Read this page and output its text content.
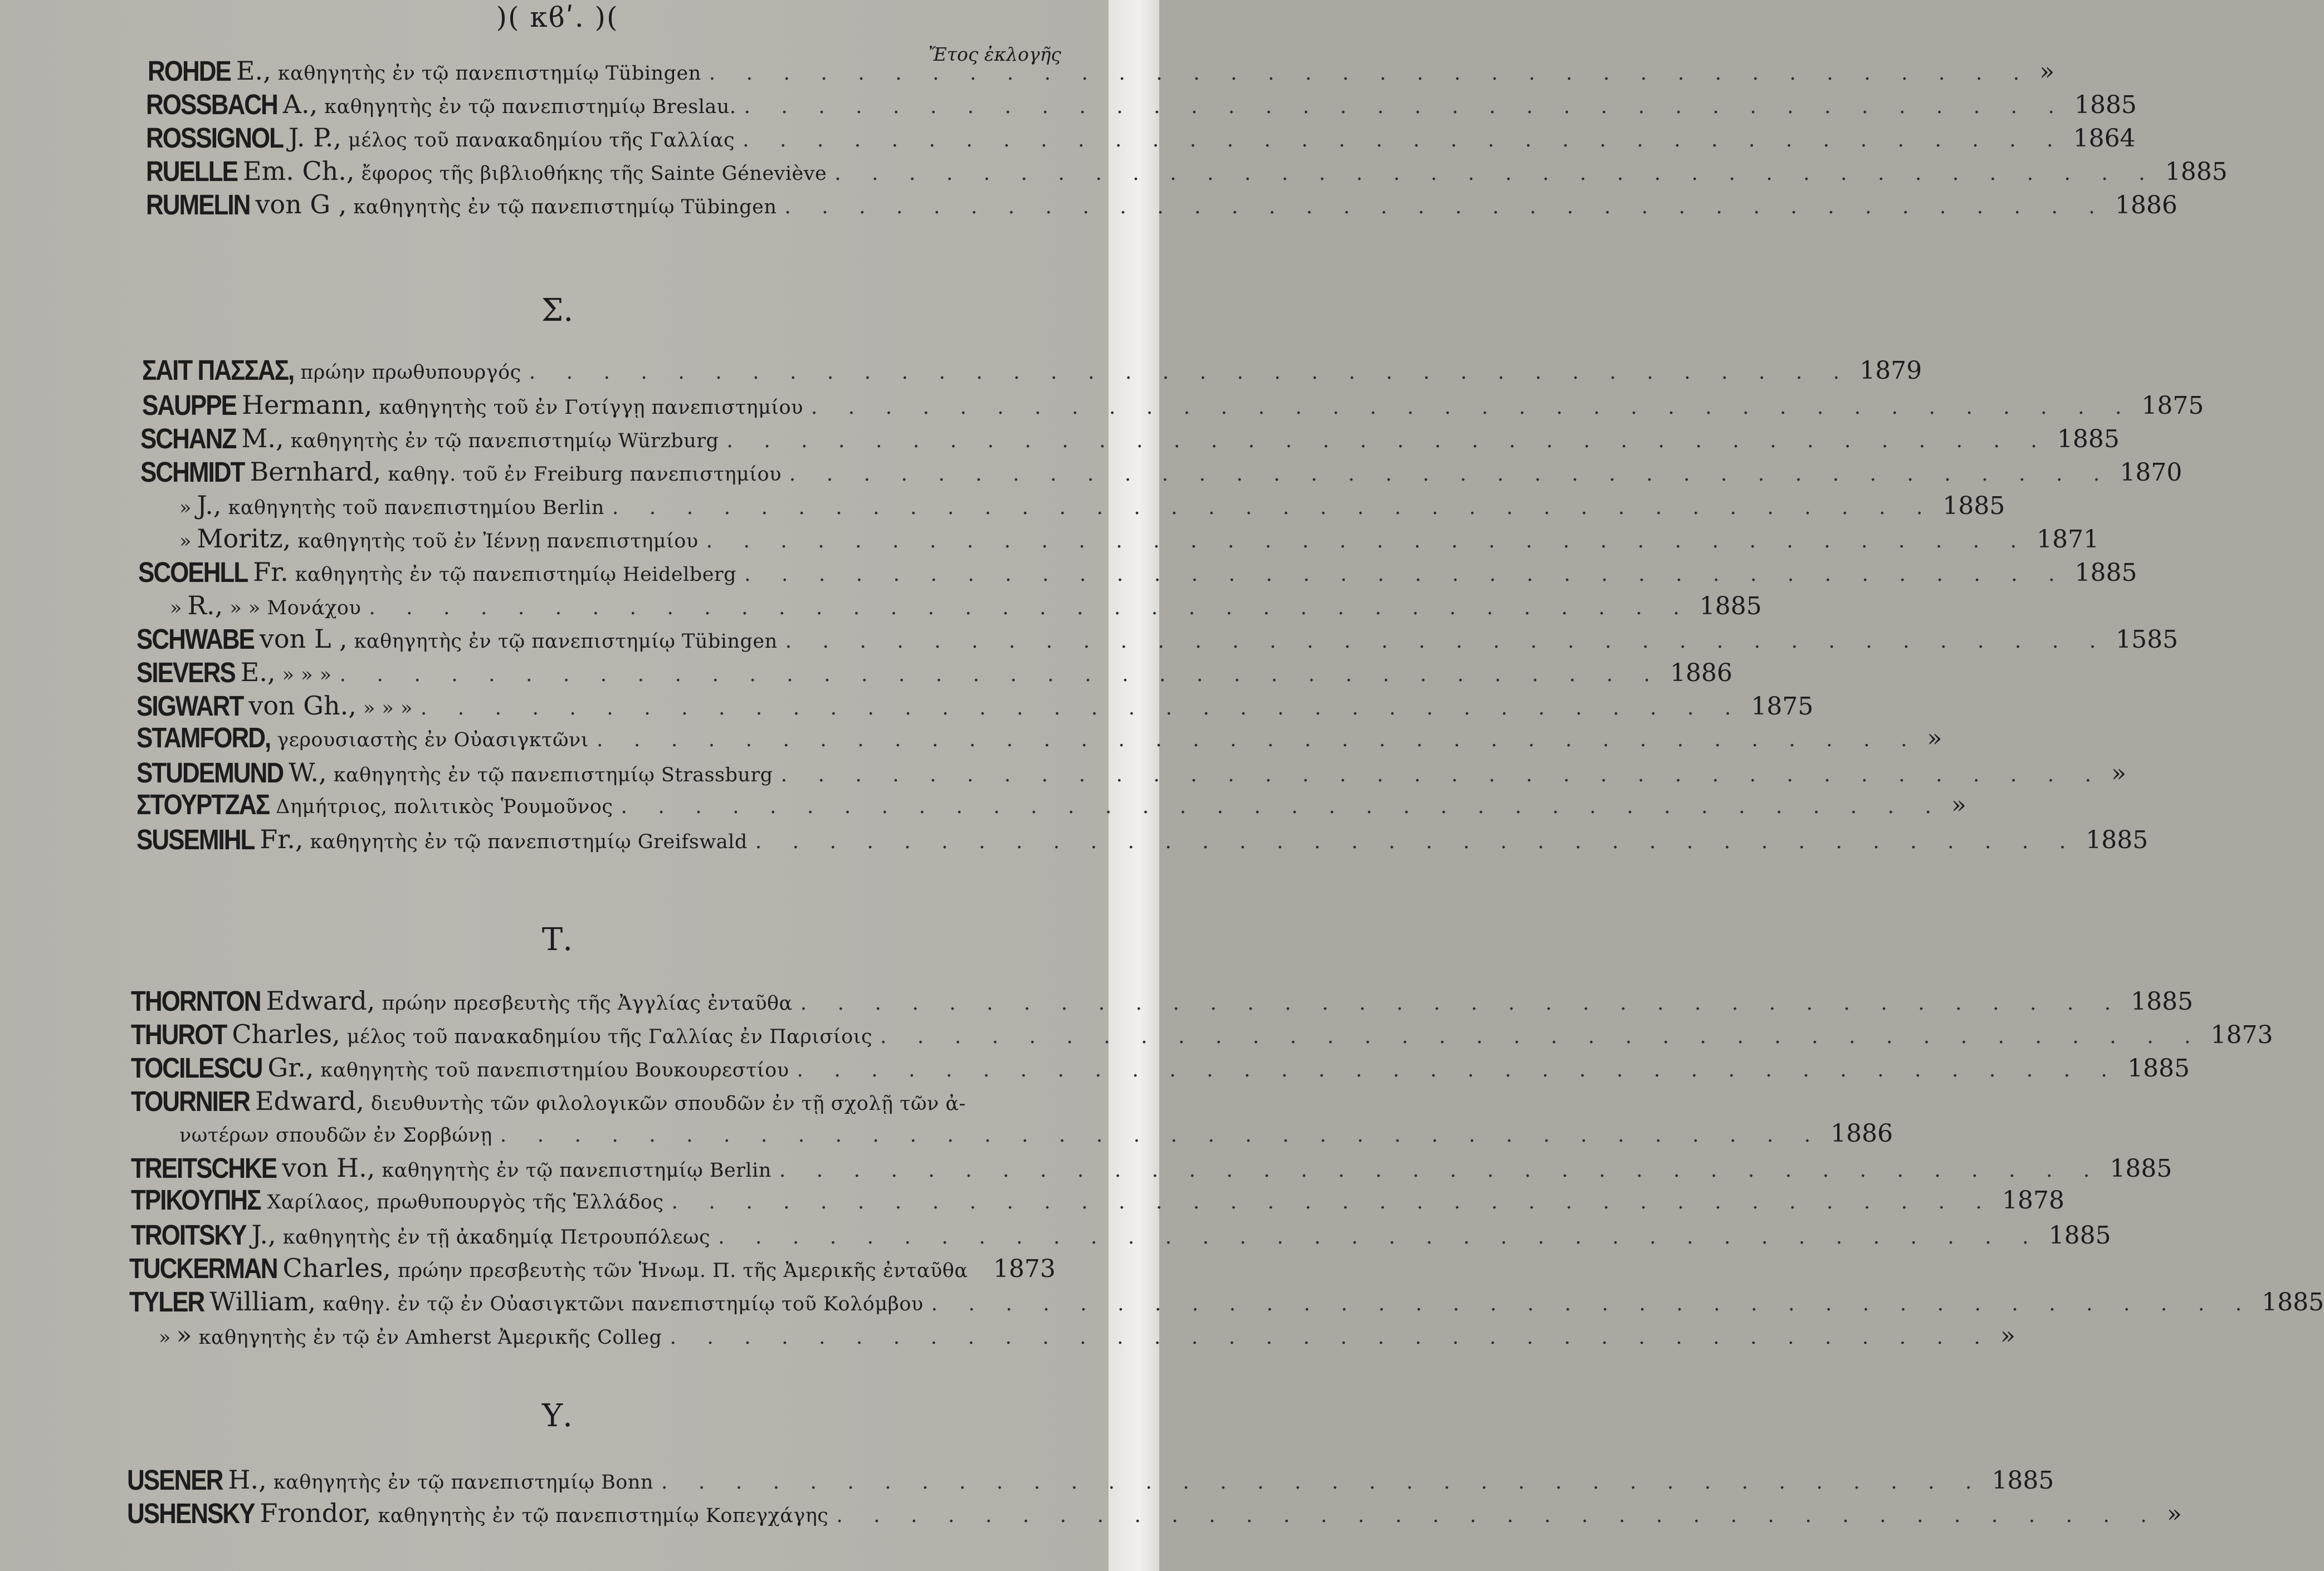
)( κϐʹ. )(
Ἔτος ἐκλογῆς
Σ.
Τ.
Υ.
ROHDE E., καθηγητὴς ἐν τῷ πανεπιστημίῳ Tübingen . . . . . . . . . . . . . . . . . . . . . . . . . . . . . . . . . . . . »
ROSSBACH A., καθηγητὴς ἐν τῷ πανεπιστημίῳ Breslau. . . . . . . . . . . . . . . . . . . . . . . . . . . . . . . . . . . . . 1885
ROSSIGNOL J. P., μέλος τοῦ πανακαδημίου τῆς Γαλλίας . . . . . . . . . . . . . . . . . . . . . . . . . . . . . . . . . . . . 1864
RUELLE Em. Ch., ἔφορος τῆς βιβλιοθήκης τῆς Sainte Géneviève . . . . . . . . . . . . . . . . . . . . . . . . . . . . . . . . . . . . 1885
RUMELIN von G , καθηγητὴς ἐν τῷ πανεπιστημίῳ Tübingen . . . . . . . . . . . . . . . . . . . . . . . . . . . . . . . . . . . . 1886
ΣΑΙΤ ΠΑΣΣΑΣ, πρώην πρωθυπουργός . . . . . . . . . . . . . . . . . . . . . . . . . . . . . . . . . . . . 1879
SAUPPE Hermann, καθηγητὴς τοῦ ἐν Γοτίγγῃ πανεπιστημίου . . . . . . . . . . . . . . . . . . . . . . . . . . . . . . . . . . . . 1875
SCHANZ M., καθηγητὴς ἐν τῷ πανεπιστημίῳ Würzburg . . . . . . . . . . . . . . . . . . . . . . . . . . . . . . . . . . . . 1885
SCHMIDT Bernhard, καθηγ. τοῦ ἐν Freiburg πανεπιστημίου . . . . . . . . . . . . . . . . . . . . . . . . . . . . . . . . . . . . 1870
» J., καθηγητὴς τοῦ πανεπιστημίου Berlin . . . . . . . . . . . . . . . . . . . . . . . . . . . . . . . . . . . . 1885
» Moritz, καθηγητὴς τοῦ ἐν Ἰέννῃ πανεπιστημίου . . . . . . . . . . . . . . . . . . . . . . . . . . . . . . . . . . . . 1871
SCOEHLL Fr. καθηγητὴς ἐν τῷ πανεπιστημίῳ Heidelberg . . . . . . . . . . . . . . . . . . . . . . . . . . . . . . . . . . . . 1885
» R., » » Μονάχου . . . . . . . . . . . . . . . . . . . . . . . . . . . . . . . . . . . . 1885
SCHWABE von L , καθηγητὴς ἐν τῷ πανεπιστημίῳ Tübingen . . . . . . . . . . . . . . . . . . . . . . . . . . . . . . . . . . . . 1585
SIEVERS E., » » » . . . . . . . . . . . . . . . . . . . . . . . . . . . . . . . . . . . . 1886
SIGWART von Gh., » » » . . . . . . . . . . . . . . . . . . . . . . . . . . . . . . . . . . . . 1875
STAMFORD, γερουσιαστὴς ἐν Οὐασιγκτῶνι . . . . . . . . . . . . . . . . . . . . . . . . . . . . . . . . . . . . »
STUDEMUND W., καθηγητὴς ἐν τῷ πανεπιστημίῳ Strassburg . . . . . . . . . . . . . . . . . . . . . . . . . . . . . . . . . . . . »
ΣΤΟΥΡΤΖΑΣ Δημήτριος, πολιτικὸς Ῥουμοῦνος . . . . . . . . . . . . . . . . . . . . . . . . . . . . . . . . . . . . »
SUSEMIHL Fr., καθηγητὴς ἐν τῷ πανεπιστημίῳ Greifswald . . . . . . . . . . . . . . . . . . . . . . . . . . . . . . . . . . . . 1885
THORNTON Edward, πρώην πρεσβευτὴς τῆς Ἀγγλίας ἐνταῦθα . . . . . . . . . . . . . . . . . . . . . . . . . . . . . . . . . . . . 1885
THUROT Charles, μέλος τοῦ πανακαδημίου τῆς Γαλλίας ἐν Παρισίοις . . . . . . . . . . . . . . . . . . . . . . . . . . . . . . . . . . . . 1873
TOCILESCU Gr., καθηγητὴς τοῦ πανεπιστημίου Βουκουρεστίου . . . . . . . . . . . . . . . . . . . . . . . . . . . . . . . . . . . . 1885
TOURNIER Edward, διευθυντὴς τῶν φιλολογικῶν σπουδῶν ἐν τῇ σχολῇ τῶν ἀ-
νωτέρων σπουδῶν ἐν Σορβώνῃ . . . . . . . . . . . . . . . . . . . . . . . . . . . . . . . . . . . . 1886
TREITSCHKE von H., καθηγητὴς ἐν τῷ πανεπιστημίῳ Berlin . . . . . . . . . . . . . . . . . . . . . . . . . . . . . . . . . . . . 1885
ΤΡΙΚΟΥΠΗΣ Χαρίλαος, πρωθυπουργὸς τῆς Ἑλλάδος . . . . . . . . . . . . . . . . . . . . . . . . . . . . . . . . . . . . 1878
TROITSKY J., καθηγητὴς ἐν τῇ ἀκαδημίᾳ Πετρουπόλεως . . . . . . . . . . . . . . . . . . . . . . . . . . . . . . . . . . . . 1885
TUCKERMAN Charles, πρώην πρεσβευτὴς τῶν Ἡνωμ. Π. τῆς Ἀμερικῆς ἐνταῦθα	1873
TYLER William, καθηγ. ἐν τῷ ἐν Οὐασιγκτῶνι πανεπιστημίῳ τοῦ Κολόμβου . . . . . . . . . . . . . . . . . . . . . . . . . . . . . . . . . . . . 1885
» » καθηγητὴς ἐν τῷ ἐν Amherst Ἀμερικῆς Colleg . . . . . . . . . . . . . . . . . . . . . . . . . . . . . . . . . . . . »
USENER H., καθηγητὴς ἐν τῷ πανεπιστημίῳ Bonn . . . . . . . . . . . . . . . . . . . . . . . . . . . . . . . . . . . . 1885
USHENSKY Frondor, καθηγητὴς ἐν τῷ πανεπιστημίῳ Κοπεγχάγης . . . . . . . . . . . . . . . . . . . . . . . . . . . . . . . . . . . . »
